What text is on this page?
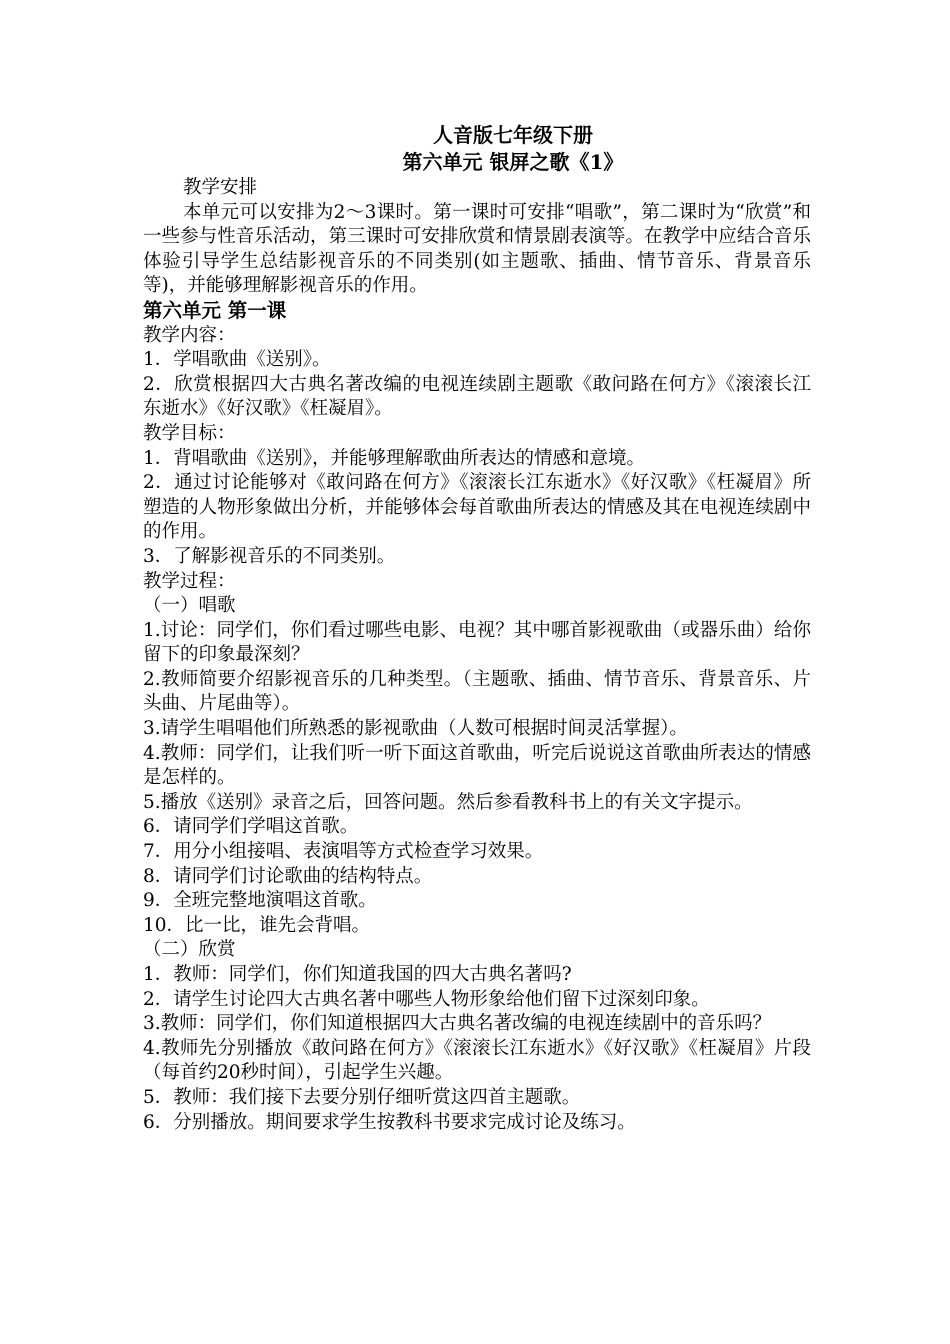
人音版七年级下册
第六单元 银屏之歌《1》
教学安排
本单元可以安排为2～3课时。第一课时可安排“唱歌”，第二课时为“欣赏”和一些参与性音乐活动，第三课时可安排欣赏和情景剧表演等。在教学中应结合音乐体验引导学生总结影视音乐的不同类别(如主题歌、插曲、情节音乐、背景音乐等)，并能够理解影视音乐的作用。
第六单元 第一课
教学内容：
1．学唱歌曲《送别》。
2．欣赏根据四大古典名著改编的电视连续剧主题歌《敢问路在何方》《滚滚长江东逝水》《好汉歌》《枉凝眉》。
教学目标：
1．背唱歌曲《送别》，并能够理解歌曲所表达的情感和意境。
2．通过讨论能够对《敢问路在何方》《滚滚长江东逝水》《好汉歌》《枉凝眉》所塑造的人物形象做出分析，并能够体会每首歌曲所表达的情感及其在电视连续剧中的作用。
3．了解影视音乐的不同类别。
教学过程：
（一）唱歌
1.讨论：同学们，你们看过哪些电影、电视？其中哪首影视歌曲（或器乐曲）给你留下的印象最深刻？
2.教师简要介绍影视音乐的几种类型。（主题歌、插曲、情节音乐、背景音乐、片头曲、片尾曲等）。
3.请学生唱唱他们所熟悉的影视歌曲（人数可根据时间灵活掌握）。
4.教师：同学们，让我们听一听下面这首歌曲，听完后说说这首歌曲所表达的情感是怎样的。
5.播放《送别》录音之后，回答问题。然后参看教科书上的有关文字提示。
6．请同学们学唱这首歌。
7．用分小组接唱、表演唱等方式检查学习效果。
8．请同学们讨论歌曲的结构特点。
9．全班完整地演唱这首歌。
10．比一比，谁先会背唱。
（二）欣赏
1．教师：同学们，你们知道我国的四大古典名著吗?
2．请学生讨论四大古典名著中哪些人物形象给他们留下过深刻印象。
3.教师：同学们，你们知道根据四大古典名著改编的电视连续剧中的音乐吗？
4.教师先分别播放《敢问路在何方》《滚滚长江东逝水》《好汉歌》《枉凝眉》片段（每首约20秒时间），引起学生兴趣。
5．教师：我们接下去要分别仔细听赏这四首主题歌。
6．分别播放。期间要求学生按教科书要求完成讨论及练习。
